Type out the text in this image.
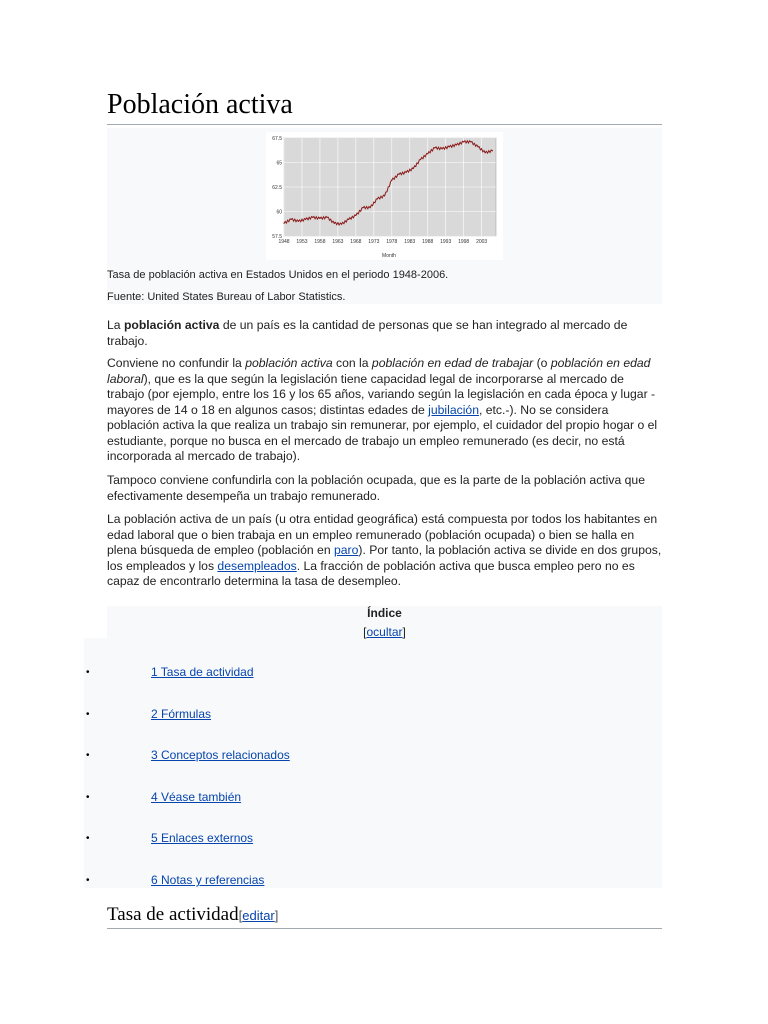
Población activa
57.5
60
62.5
65
67.5
1948 1953 1958 1963 1968 1973 1978 1983 1988 1993 1998 2003
Month
Tasa de población activa en Estados Unidos en el periodo 1948-2006.
Fuente: United States Bureau of Labor Statistics.

La población activa de un país es la cantidad de personas que se han integrado al mercado de trabajo.

Conviene no confundir la población activa con la población en edad de trabajar (o población en edad laboral), que es la que según la legislación tiene capacidad legal de incorporarse al mercado de trabajo (por ejemplo, entre los 16 y los 65 años, variando según la legislación en cada época y lugar -mayores de 14 o 18 en algunos casos; distintas edades de jubilación, etc.-). No se considera población activa la que realiza un trabajo sin remunerar, por ejemplo, el cuidador del propio hogar o el estudiante, porque no busca en el mercado de trabajo un empleo remunerado (es decir, no está incorporada al mercado de trabajo).

Tampoco conviene confundirla con la población ocupada, que es la parte de la población activa que efectivamente desempeña un trabajo remunerado.

La población activa de un país (u otra entidad geográfica) está compuesta por todos los habitantes en edad laboral que o bien trabaja en un empleo remunerado (población ocupada) o bien se halla en plena búsqueda de empleo (población en paro). Por tanto, la población activa se divide en dos grupos, los empleados y los desempleados. La fracción de población activa que busca empleo pero no es capaz de encontrarlo determina la tasa de desempleo.

Índice
[ocultar]
•	1 Tasa de actividad
•	2 Fórmulas
•	3 Conceptos relacionados
•	4 Véase también
•	5 Enlaces externos
•	6 Notas y referencias
Tasa de actividad[editar]
